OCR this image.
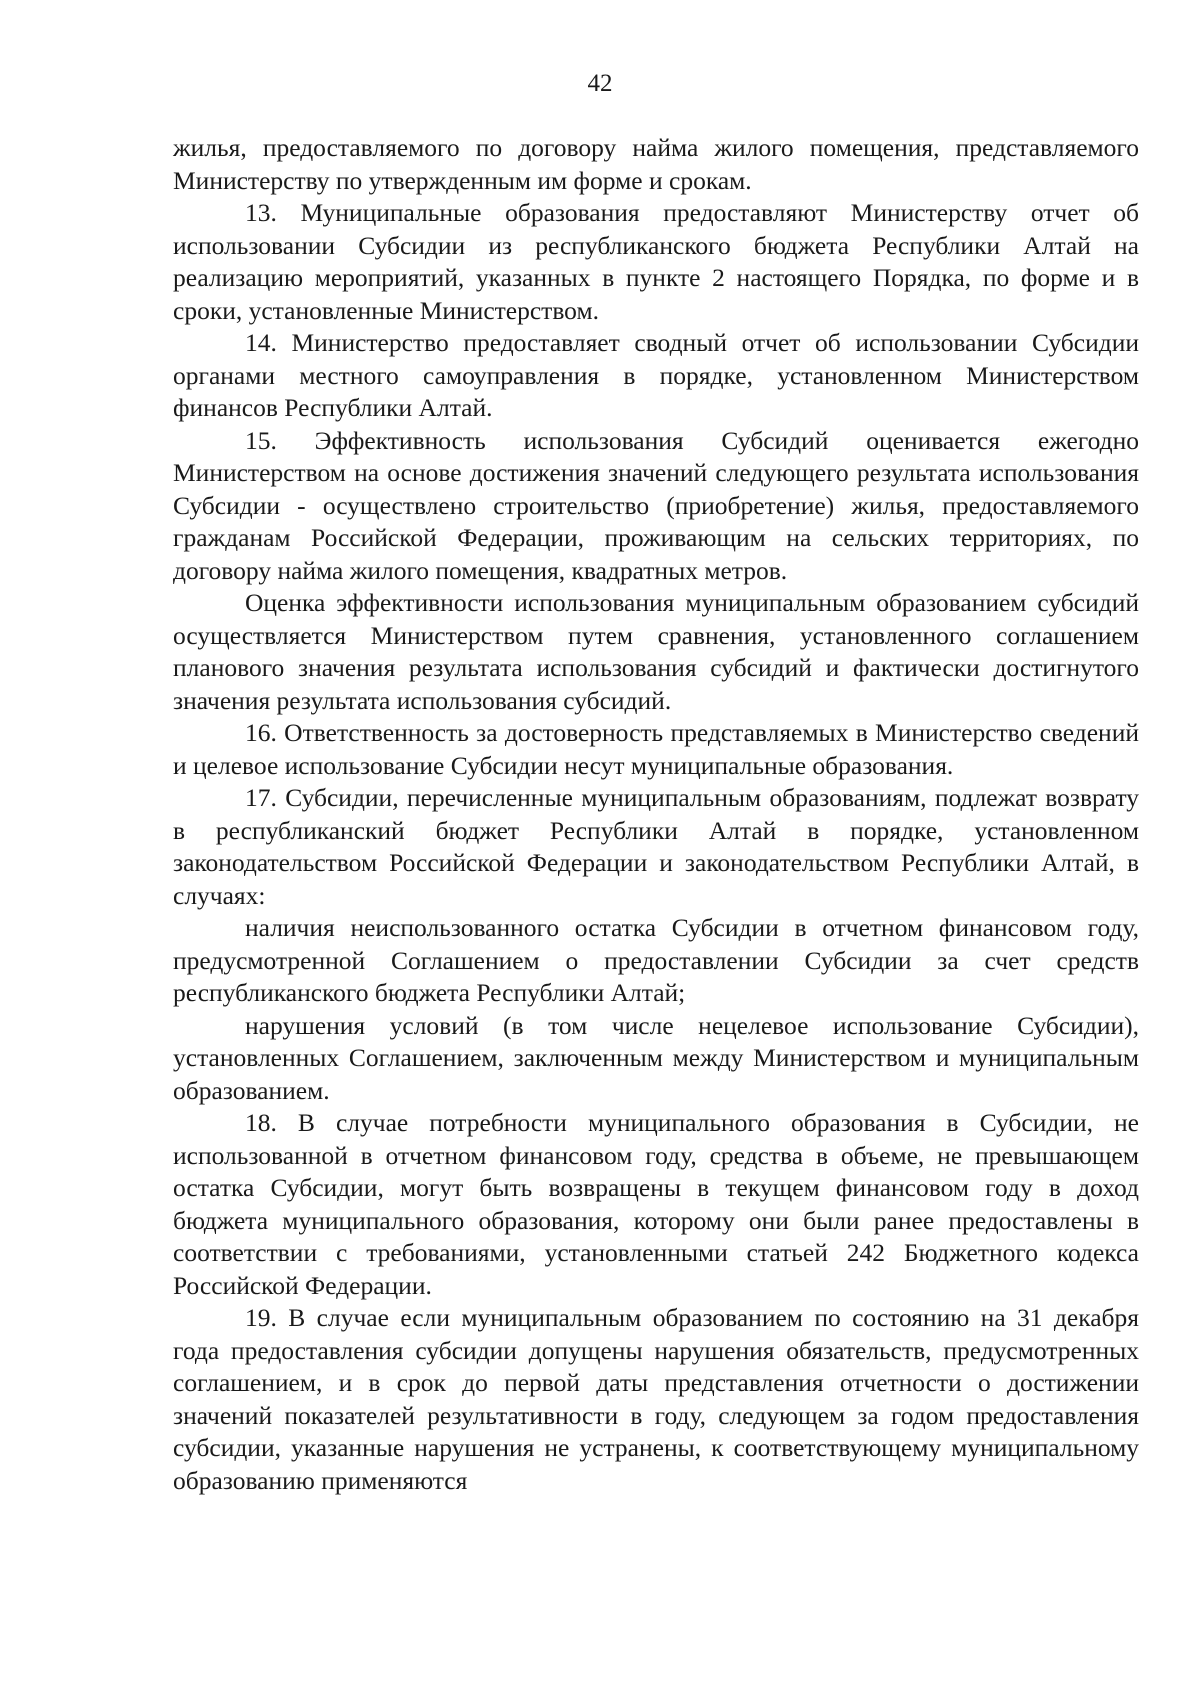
42

жилья, предоставляемого по договору найма жилого помещения, представляемого Министерству по утвержденным им форме и срокам.

13. Муниципальные образования предоставляют Министерству отчет об использовании Субсидии из республиканского бюджета Республики Алтай на реализацию мероприятий, указанных в пункте 2 настоящего Порядка, по форме и в сроки, установленные Министерством.

14. Министерство предоставляет сводный отчет об использовании Субсидии органами местного самоуправления в порядке, установленном Министерством финансов Республики Алтай.

15. Эффективность использования Субсидий оценивается ежегодно Министерством на основе достижения значений следующего результата использования Субсидии - осуществлено строительство (приобретение) жилья, предоставляемого гражданам Российской Федерации, проживающим на сельских территориях, по договору найма жилого помещения, квадратных метров.

Оценка эффективности использования муниципальным образованием субсидий осуществляется Министерством путем сравнения, установленного соглашением планового значения результата использования субсидий и фактически достигнутого значения результата использования субсидий.

16. Ответственность за достоверность представляемых в Министерство сведений и целевое использование Субсидии несут муниципальные образования.

17. Субсидии, перечисленные муниципальным образованиям, подлежат возврату в республиканский бюджет Республики Алтай в порядке, установленном законодательством Российской Федерации и законодательством Республики Алтай, в случаях:

наличия неиспользованного остатка Субсидии в отчетном финансовом году, предусмотренной Соглашением о предоставлении Субсидии за счет средств республиканского бюджета Республики Алтай;

нарушения условий (в том числе нецелевое использование Субсидии), установленных Соглашением, заключенным между Министерством и муниципальным образованием.

18. В случае потребности муниципального образования в Субсидии, не использованной в отчетном финансовом году, средства в объеме, не превышающем остатка Субсидии, могут быть возвращены в текущем финансовом году в доход бюджета муниципального образования, которому они были ранее предоставлены в соответствии с требованиями, установленными статьей 242 Бюджетного кодекса Российской Федерации.

19. В случае если муниципальным образованием по состоянию на 31 декабря года предоставления субсидии допущены нарушения обязательств, предусмотренных соглашением, и в срок до первой даты представления отчетности о достижении значений показателей результативности в году, следующем за годом предоставления субсидии, указанные нарушения не устранены, к соответствующему муниципальному образованию применяются
